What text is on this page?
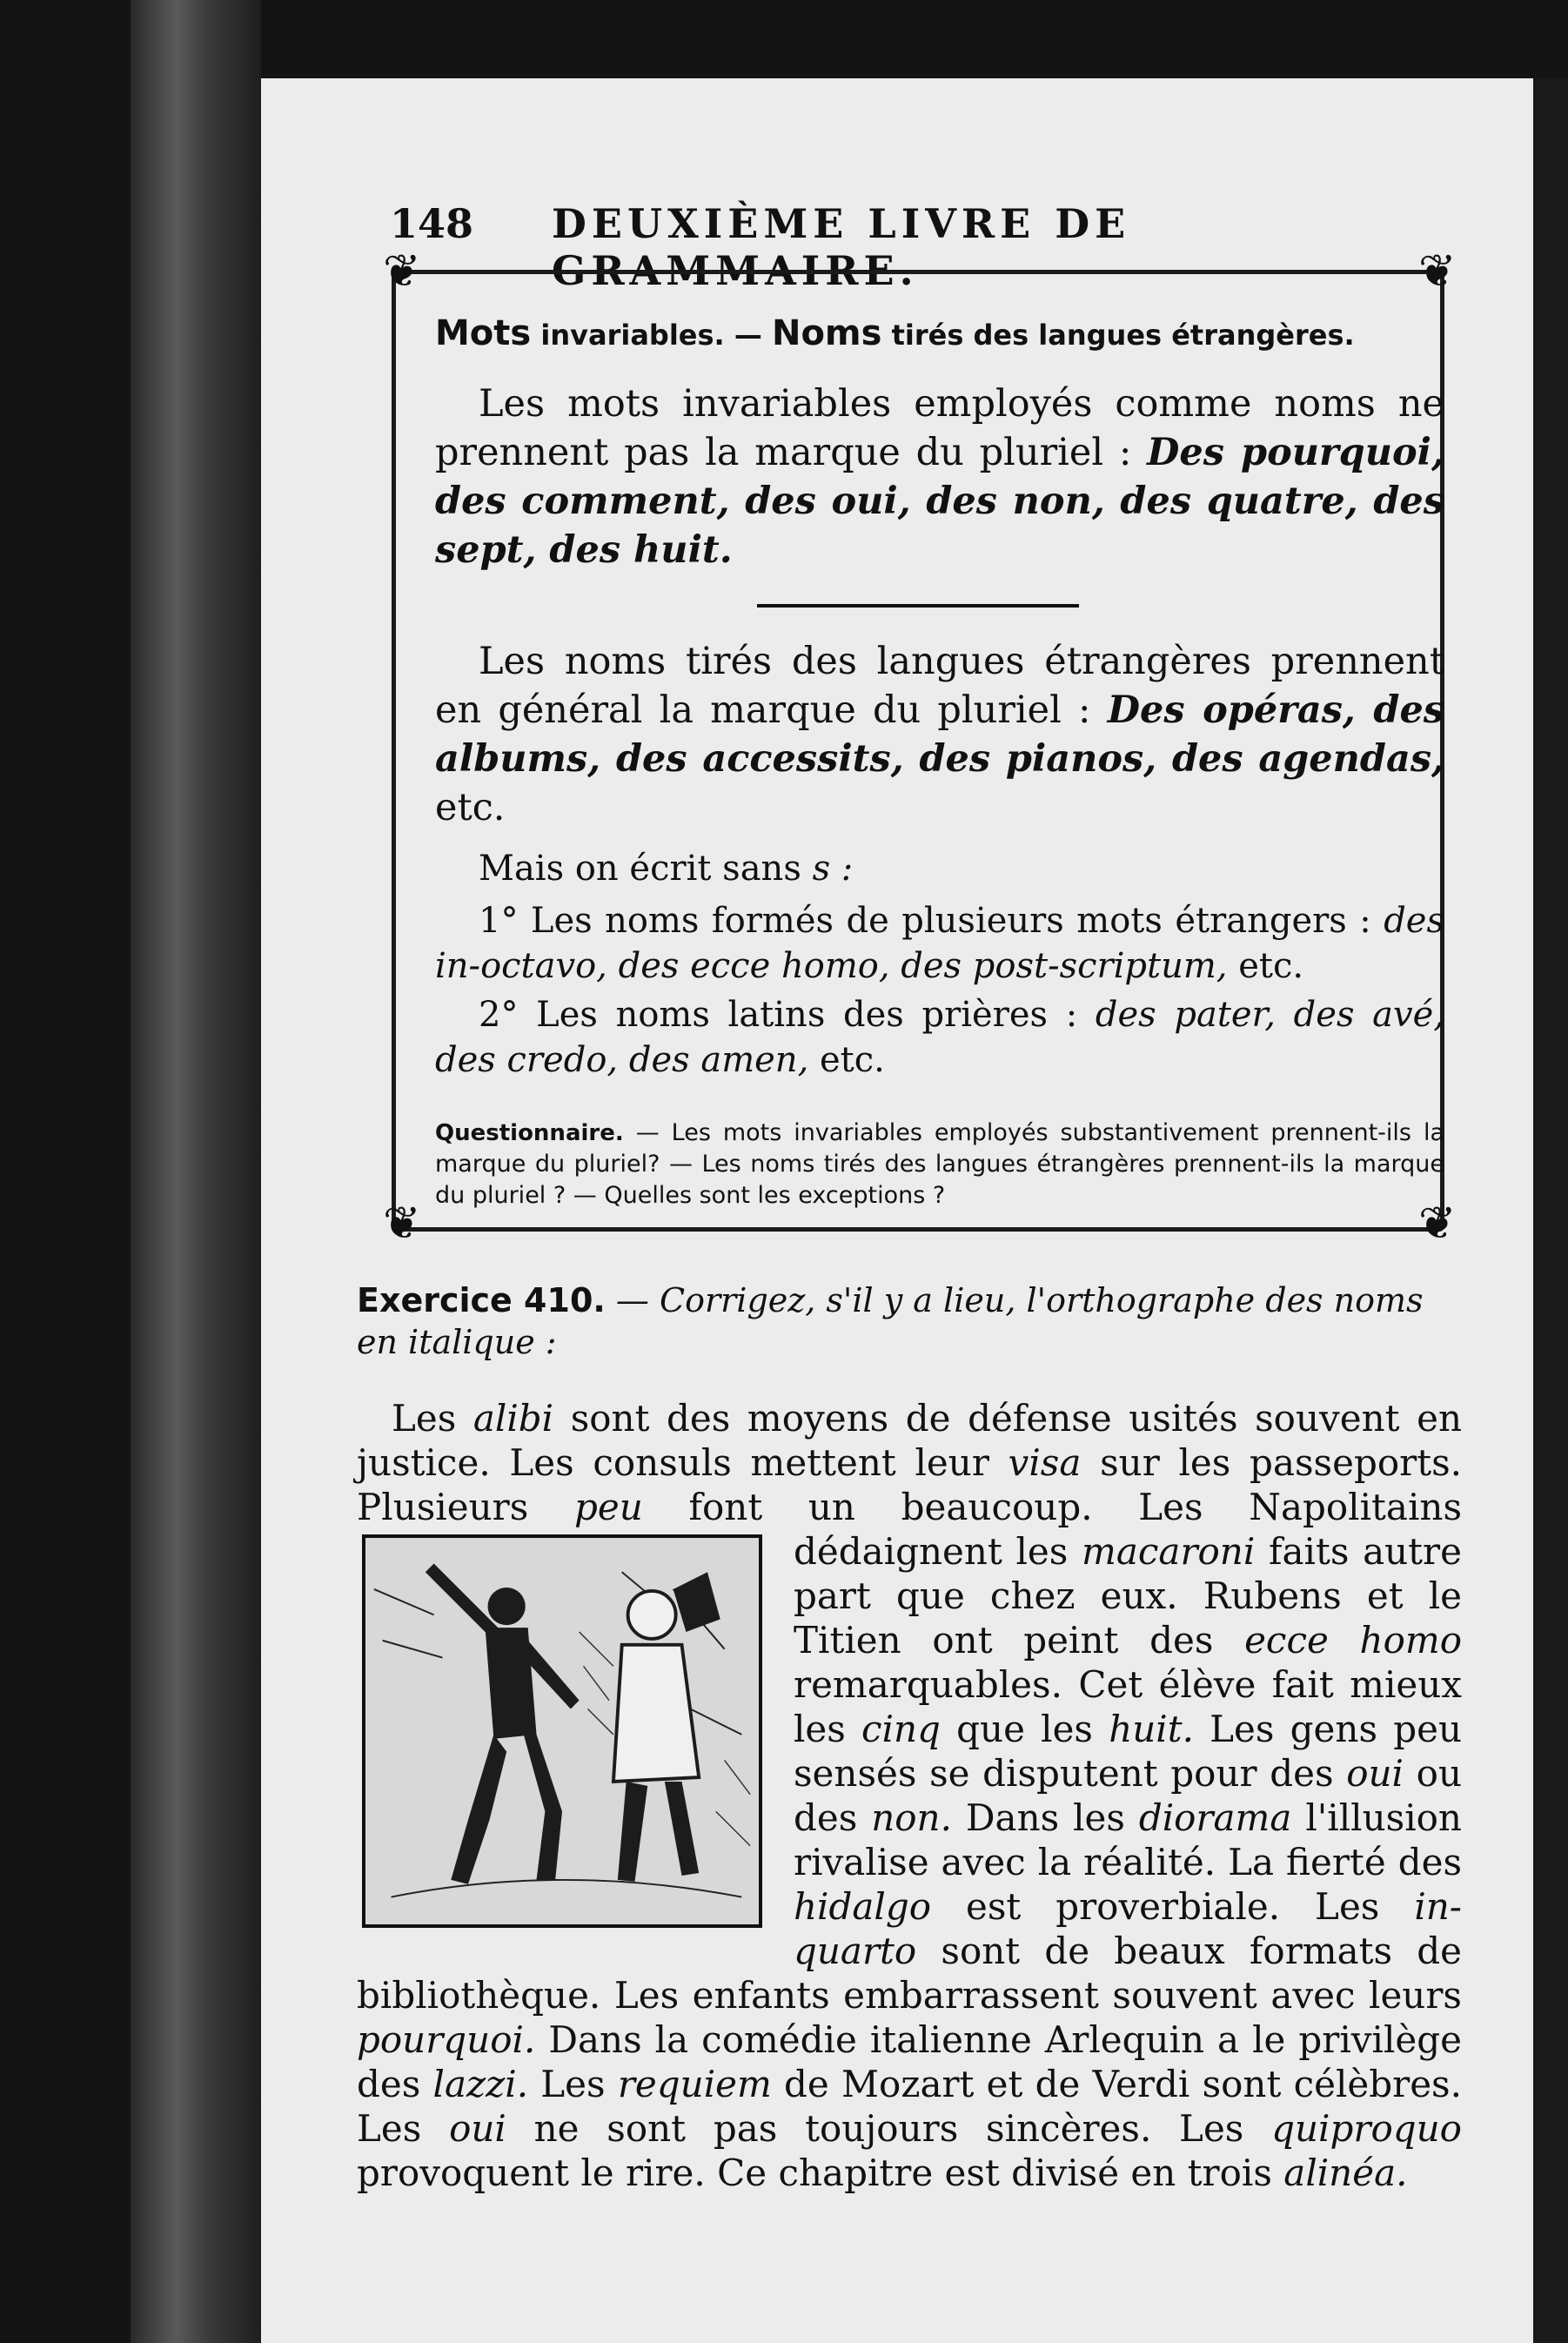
148 DEUXIÈME LIVRE DE GRAMMAIRE.
❦	❦
❦	❦

Mots invariables. — Noms tirés des langues étrangères.

Les mots invariables employés comme noms ne prennent pas la marque du pluriel : Des pourquoi, des comment, des oui, des non, des quatre, des sept, des huit.

Les noms tirés des langues étrangères prennent en général la marque du pluriel : Des opéras, des albums, des accessits, des pianos, des agendas, etc.

Mais on écrit sans s :

1° Les noms formés de plusieurs mots étrangers : des in-octavo, des ecce homo, des post-scriptum, etc.

2° Les noms latins des prières : des pater, des avé, des credo, des amen, etc.

Questionnaire. — Les mots invariables employés substantivement prennent-ils la marque du pluriel? — Les noms tirés des langues étrangères prennent-ils la marque du pluriel ? — Quelles sont les exceptions ?

Exercice 410. — Corrigez, s'il y a lieu, l'orthographe des noms en italique :

Les alibi sont des moyens de défense usités souvent en justice. Les consuls mettent leur visa sur les passeports. Plusieurs peu font un beaucoup. Les Napolitains dédaignent les macaroni faits autre part que chez eux. Rubens et le Titien ont peint des ecce homo remarquables. Cet élève fait mieux les cinq que les huit. Les gens peu sensés se disputent pour des oui ou des non. Dans les diorama l'illusion rivalise avec la réalité. La fierté des hidalgo est proverbiale. Les in-quarto sont de beaux formats de bibliothèque. Les enfants embarrassent souvent avec leurs pourquoi. Dans la comédie italienne Arlequin a le privilège des lazzi. Les requiem de Mozart et de Verdi sont célèbres. Les oui ne sont pas toujours sincères. Les quiproquo provoquent le rire. Ce chapitre est divisé en trois alinéa.
